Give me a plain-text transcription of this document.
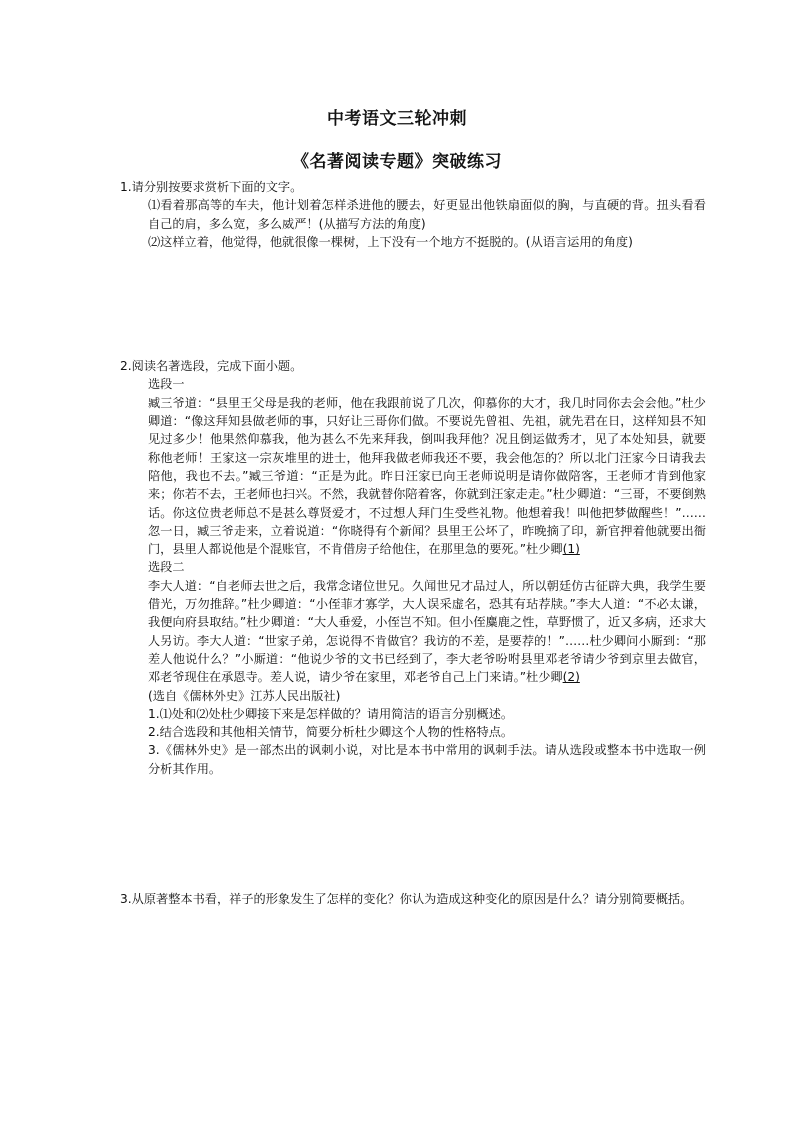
中考语文三轮冲刺
《名著阅读专题》突破练习

1.请分别按要求赏析下面的文字。

⑴看着那高等的车夫，他计划着怎样杀进他的腰去，好更显出他铁扇面似的胸，与直硬的背。扭头看看自己的肩，多么宽，多么威严！(从描写方法的角度)

⑵这样立着，他觉得，他就很像一棵树，上下没有一个地方不挺脱的。(从语言运用的角度)

2.阅读名著选段，完成下面小题。

选段一

臧三爷道：“县里王父母是我的老师，他在我跟前说了几次，仰慕你的大才，我几时同你去会会他。”杜少卿道：“像这拜知县做老师的事，只好让三哥你们做。不要说先曾祖、先祖，就先君在日，这样知县不知见过多少！他果然仰慕我，他为甚么不先来拜我，倒叫我拜他？况且倒运做秀才，见了本处知县，就要称他老师！王家这一宗灰堆里的进士，他拜我做老师我还不要，我会他怎的？所以北门汪家今日请我去陪他，我也不去。”臧三爷道：“正是为此。昨日汪家已向王老师说明是请你做陪客，王老师才肯到他家来；你若不去，王老师也扫兴。不然，我就替你陪着客，你就到汪家走走。”杜少卿道：“三哥，不要倒熟话。你这位贵老师总不是甚么尊贤爱才，不过想人拜门生受些礼物。他想着我！叫他把梦做醒些！”……忽一日，臧三爷走来，立着说道：“你晓得有个新闻？县里王公坏了，昨晚摘了印，新官押着他就要出衙门，县里人都说他是个混账官，不肯借房子给他住，在那里急的要死。”杜少卿(1)

选段二

李大人道：“自老师去世之后，我常念诸位世兄。久闻世兄才品过人，所以朝廷仿古征辟大典，我学生要借光，万勿推辞。”杜少卿道：“小侄菲才寡学，大人误采虚名，恐其有玷荐牍。”李大人道：“不必太谦，我便向府县取结。”杜少卿道：“大人垂爱，小侄岂不知。但小侄麋鹿之性，草野惯了，近又多病，还求大人另访。李大人道：“世家子弟，怎说得不肯做官？我访的不差，是要荐的！”……杜少卿问小厮到：“那差人他说什么？”小厮道：“他说少爷的文书已经到了，李大老爷吩咐县里邓老爷请少爷到京里去做官，邓老爷现住在承恩寺。差人说，请少爷在家里，邓老爷自己上门来请。”杜少卿(2)

(选自《儒林外史》江苏人民出版社)

1.⑴处和⑵处杜少卿接下来是怎样做的？请用简洁的语言分别概述。

2.结合选段和其他相关情节，简要分析杜少卿这个人物的性格特点。

3.《儒林外史》是一部杰出的讽刺小说，对比是本书中常用的讽刺手法。请从选段或整本书中选取一例分析其作用。

3.从原著整本书看，祥子的形象发生了怎样的变化？你认为造成这种变化的原因是什么？请分别简要概括。
